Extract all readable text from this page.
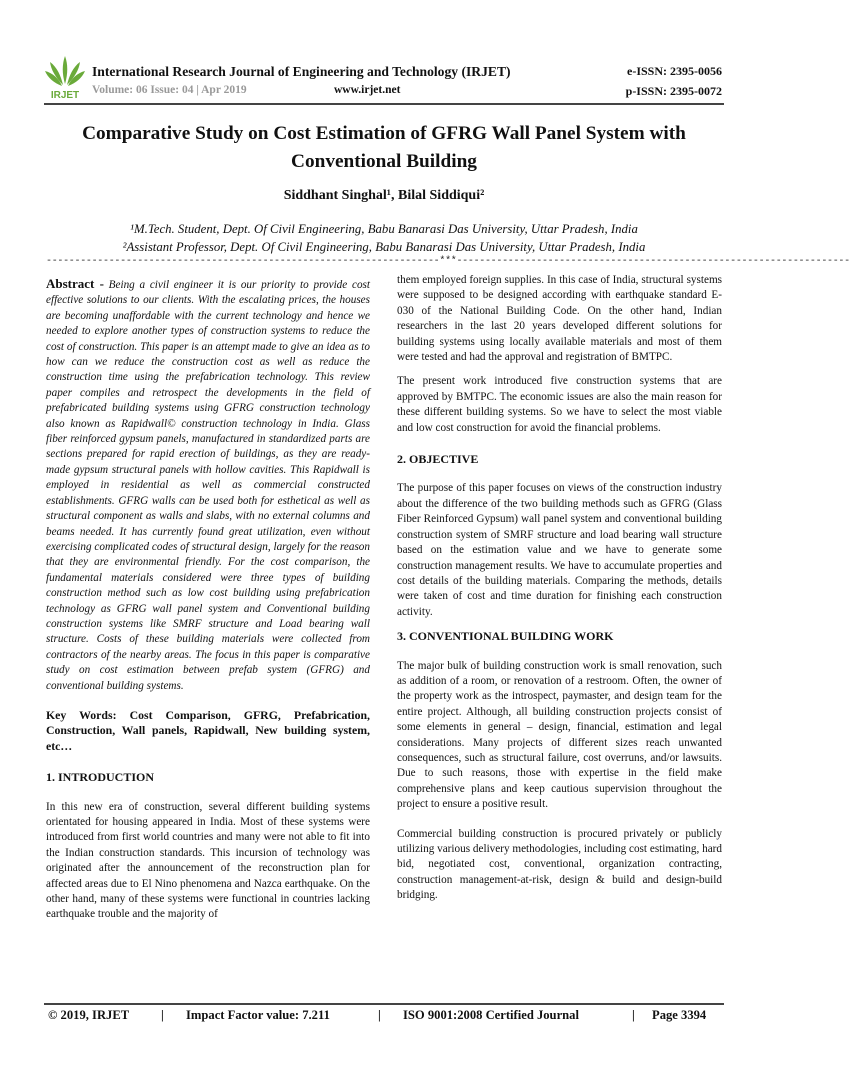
IRJET
International Research Journal of Engineering and Technology (IRJET)	e-ISSN: 2395-0056
Volume: 06 Issue: 04 | Apr 2019	www.irjet.net	p-ISSN: 2395-0072
Comparative Study on Cost Estimation of GFRG Wall Panel System with Conventional Building
Siddhant Singhal¹, Bilal Siddiqui²
¹M.Tech. Student, Dept. Of Civil Engineering, Babu Banarasi Das University, Uttar Pradesh, India
²Assistant Professor, Dept. Of Civil Engineering, Babu Banarasi Das University, Uttar Pradesh, India
---------------------------------------------------------------------***---------------------------------------------------------------------

Abstract - Being a civil engineer it is our priority to provide cost effective solutions to our clients. With the escalating prices, the houses are becoming unaffordable with the current technology and hence we needed to explore another types of construction systems to reduce the cost of construction. This paper is an attempt made to give an idea as to how can we reduce the construction cost as well as reduce the construction time using the prefabrication technology. This review paper compiles and retrospect the developments in the field of prefabricated building systems using GFRG construction technology also known as Rapidwall© construction technology in India. Glass fiber reinforced gypsum panels, manufactured in standardized parts are sections prepared for rapid erection of buildings, as they are ready-made gypsum structural panels with hollow cavities. This Rapidwall is employed in residential as well as commercial constructed establishments. GFRG walls can be used both for esthetical as well as structural component as walls and slabs, with no external columns and beams needed. It has currently found great utilization, even without exercising complicated codes of structural design, largely for the reason that they are environmental friendly. For the cost comparison, the fundamental materials considered were three types of building construction method such as low cost building using prefabrication technology as GFRG wall panel system and Conventional building construction systems like SMRF structure and Load bearing wall structure. Costs of these building materials were collected from contractors of the nearby areas. The focus in this paper is comparative study on cost estimation between prefab system (GFRG) and conventional building systems.

Key Words: Cost Comparison, GFRG, Prefabrication, Construction, Wall panels, Rapidwall, New building system, etc…

1. INTRODUCTION

In this new era of construction, several different building systems orientated for housing appeared in India. Most of these systems were introduced from first world countries and many were not able to fit into the Indian construction standards. This incursion of technology was originated after the announcement of the reconstruction plan for affected areas due to El Nino phenomena and Nazca earthquake. On the other hand, many of these systems were functional in countries lacking earthquake trouble and the majority of

them employed foreign supplies. In this case of India, structural systems were supposed to be designed according with earthquake standard E-030 of the National Building Code. On the other hand, Indian researchers in the last 20 years developed different solutions for building systems using locally available materials and most of them were tested and had the approval and registration of BMTPC.

The present work introduced five construction systems that are approved by BMTPC. The economic issues are also the main reason for these different building systems. So we have to select the most viable and low cost construction for avoid the financial problems.

2. OBJECTIVE

The purpose of this paper focuses on views of the construction industry about the difference of the two building methods such as GFRG (Glass Fiber Reinforced Gypsum) wall panel system and conventional building construction system of SMRF structure and load bearing wall structure based on the estimation value and we have to generate some construction management results. We have to accumulate properties and cost details of the building materials. Comparing the methods, details were taken of cost and time duration for finishing each construction activity.

3. CONVENTIONAL BUILDING WORK

The major bulk of building construction work is small renovation, such as addition of a room, or renovation of a restroom. Often, the owner of the property work as the introspect, paymaster, and design team for the entire project. Although, all building construction projects consist of some elements in general – design, financial, estimation and legal considerations. Many projects of different sizes reach unwanted consequences, such as structural failure, cost overruns, and/or lawsuits. Due to such reasons, those with expertise in the field make comprehensive plans and keep cautious supervision throughout the project to ensure a positive result.

Commercial building construction is procured privately or publicly utilizing various delivery methodologies, including cost estimating, hard bid, negotiated cost, conventional, organization contracting, construction management-at-risk, design & build and design-build bridging.

© 2019, IRJET	| Impact Factor value: 7.211	| ISO 9001:2008 Certified Journal	| Page 3394
